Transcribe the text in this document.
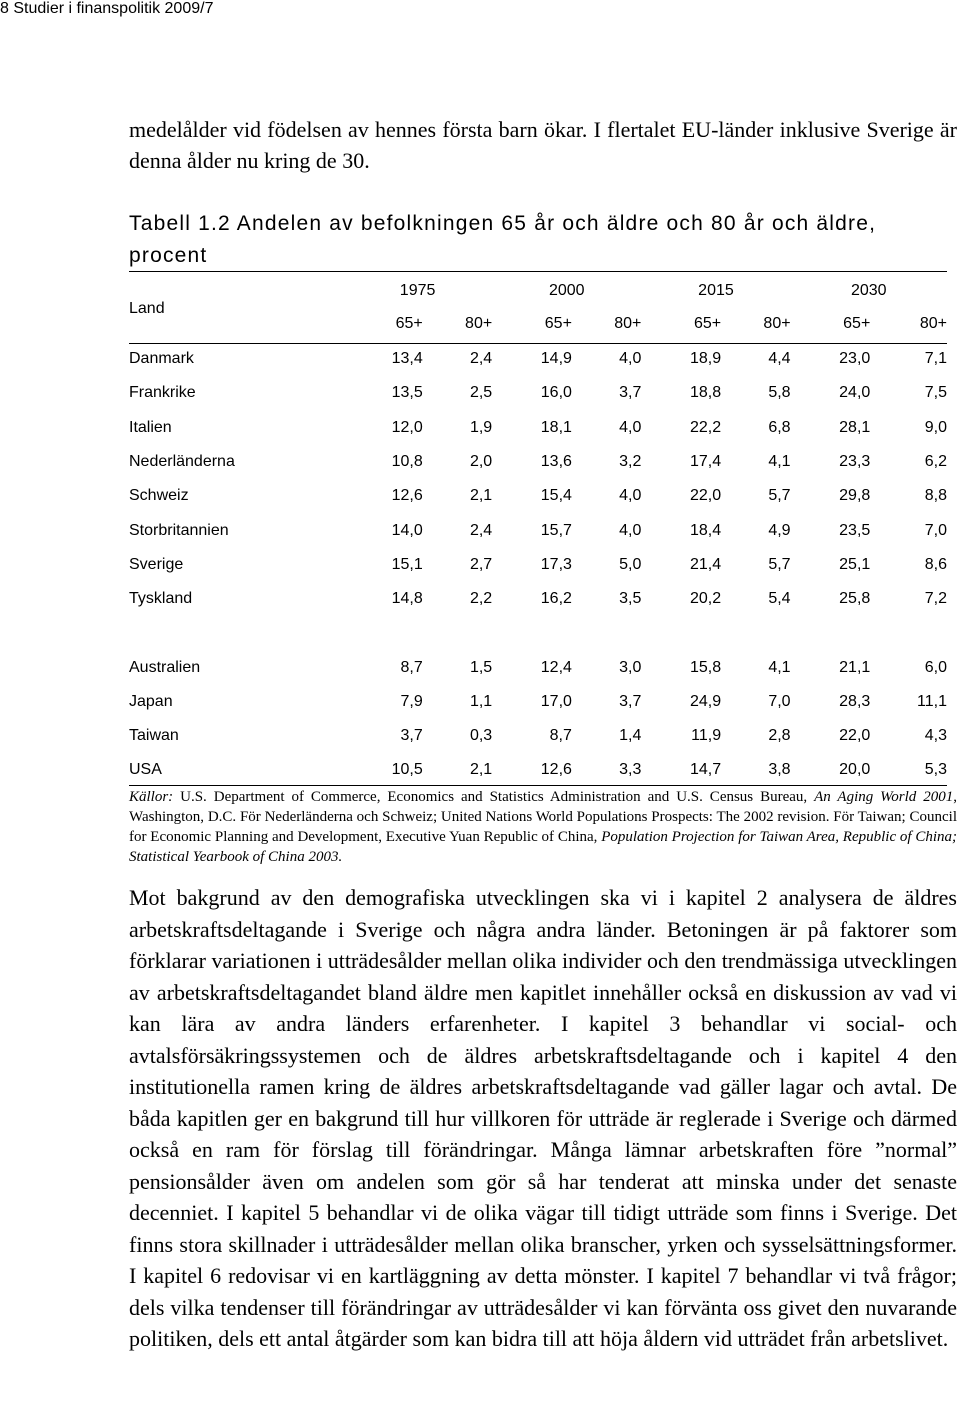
8 Studier i finanspolitik 2009/7

medelålder vid födelsen av hennes första barn ökar. I flertalet EU-länder inklusive Sverige är denna ålder nu kring de 30.

Tabell 1.2 Andelen av befolkningen 65 år och äldre och 80 år och äldre, procent

Land	1975		2000		2015		2030	
	65+	80+	65+	80+	65+	80+	65+	80+
Danmark	13,4	2,4	14,9	4,0	18,9	4,4	23,0	7,1
Frankrike	13,5	2,5	16,0	3,7	18,8	5,8	24,0	7,5
Italien	12,0	1,9	18,1	4,0	22,2	6,8	28,1	9,0
Nederländerna	10,8	2,0	13,6	3,2	17,4	4,1	23,3	6,2
Schweiz	12,6	2,1	15,4	4,0	22,0	5,7	29,8	8,8
Storbritannien	14,0	2,4	15,7	4,0	18,4	4,9	23,5	7,0
Sverige	15,1	2,7	17,3	5,0	21,4	5,7	25,1	8,6
Tyskland	14,8	2,2	16,2	3,5	20,2	5,4	25,8	7,2

Australien	8,7	1,5	12,4	3,0	15,8	4,1	21,1	6,0
Japan	7,9	1,1	17,0	3,7	24,9	7,0	28,3	11,1
Taiwan	3,7	0,3	8,7	1,4	11,9	2,8	22,0	4,3
USA	10,5	2,1	12,6	3,3	14,7	3,8	20,0	5,3

Källor: U.S. Department of Commerce, Economics and Statistics Administration and U.S. Census Bureau, An Aging World 2001, Washington, D.C. För Nederländerna och Schweiz; United Nations World Populations Prospects: The 2002 revision. För Taiwan; Council for Economic Planning and Development, Executive Yuan Republic of China, Population Projection for Taiwan Area, Republic of China; Statistical Yearbook of China 2003.

Mot bakgrund av den demografiska utvecklingen ska vi i kapitel 2 analysera de äldres arbetskraftsdeltagande i Sverige och några andra länder. Betoningen är på faktorer som förklarar variationen i utträdesålder mellan olika individer och den trendmässiga utvecklingen av arbetskraftsdeltagandet bland äldre men kapitlet innehåller också en diskussion av vad vi kan lära av andra länders erfarenheter. I kapitel 3 behandlar vi social- och avtalsförsäkringssystemen och de äldres arbetskraftsdeltagande och i kapitel 4 den institutionella ramen kring de äldres arbetskraftsdeltagande vad gäller lagar och avtal. De båda kapitlen ger en bakgrund till hur villkoren för utträde är reglerade i Sverige och därmed också en ram för förslag till förändringar. Många lämnar arbetskraften före ”normal” pensionsålder även om andelen som gör så har tenderat att minska under det senaste decenniet. I kapitel 5 behandlar vi de olika vägar till tidigt utträde som finns i Sverige. Det finns stora skillnader i utträdesålder mellan olika branscher, yrken och sysselsättningsformer. I kapitel 6 redovisar vi en kartläggning av detta mönster. I kapitel 7 behandlar vi två frågor; dels vilka tendenser till förändringar av utträdesålder vi kan förvänta oss givet den nuvarande politiken, dels ett antal åtgärder som kan bidra till att höja åldern vid utträdet från arbetslivet.
